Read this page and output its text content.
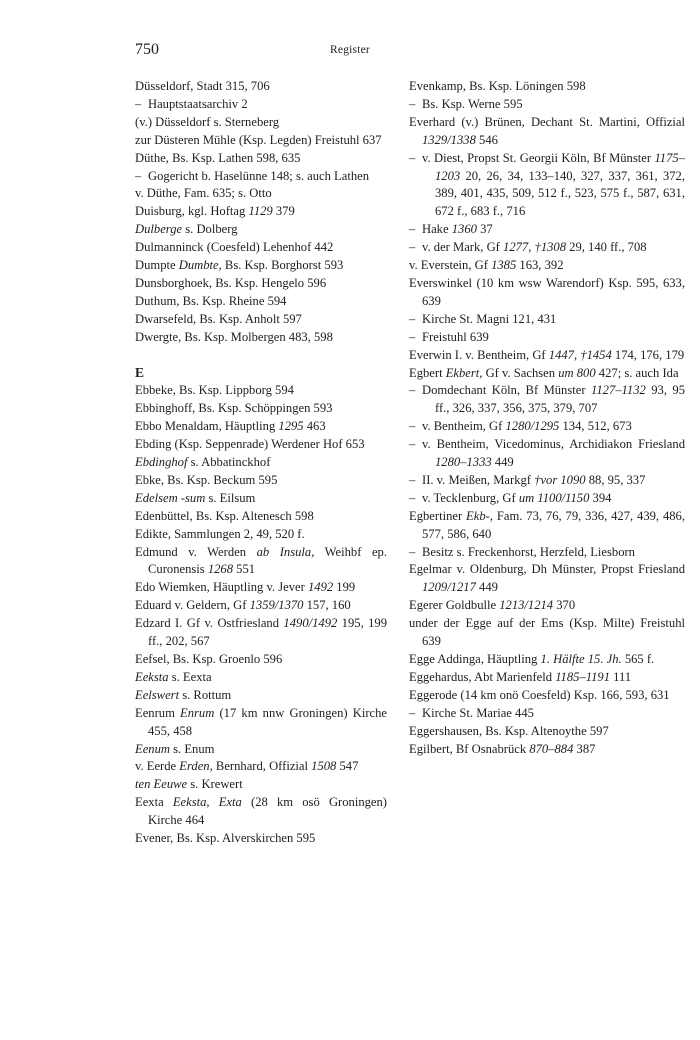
750	Register
Düsseldorf, Stadt 315, 706
– Hauptstaatsarchiv 2
(v.) Düsseldorf s. Sterneberg
zur Düsteren Mühle (Ksp. Legden) Freistuhl 637
Düthe, Bs. Ksp. Lathen 598, 635
– Gogericht b. Haselünne 148; s. auch Lathen
v. Düthe, Fam. 635; s. Otto
Duisburg, kgl. Hoftag 1129 379
Dulberge s. Dolberg
Dulmanninck (Coesfeld) Lehenhof 442
Dumpte Dumbte, Bs. Ksp. Borghorst 593
Dunsborghoek, Bs. Ksp. Hengelo 596
Duthum, Bs. Ksp. Rheine 594
Dwarsefeld, Bs. Ksp. Anholt 597
Dwergte, Bs. Ksp. Molbergen 483, 598
E
Ebbeke, Bs. Ksp. Lippborg 594
Ebbinghoff, Bs. Ksp. Schöppingen 593
Ebbo Menaldam, Häuptling 1295 463
Ebding (Ksp. Seppenrade) Werdener Hof 653
Ebdinghof s. Abbatinckhof
Ebke, Bs. Ksp. Beckum 595
Edelsem -sum s. Eilsum
Edenbüttel, Bs. Ksp. Altenesch 598
Edikte, Sammlungen 2, 49, 520 f.
Edmund v. Werden ab Insula, Weihbf ep. Curonensis 1268 551
Edo Wiemken, Häuptling v. Jever 1492 199
Eduard v. Geldern, Gf 1359/1370 157, 160
Edzard I. Gf v. Ostfriesland 1490/1492 195, 199 ff., 202, 567
Eefsel, Bs. Ksp. Groenlo 596
Eeksta s. Eexta
Eelswert s. Rottum
Eenrum Enrum (17 km nnw Groningen) Kirche 455, 458
Eenum s. Enum
v. Eerde Erden, Bernhard, Offizial 1508 547
ten Eeuwe s. Krewert
Eexta Eeksta, Exta (28 km osö Groningen) Kirche 464
Evener, Bs. Ksp. Alverskirchen 595
Evenkamp, Bs. Ksp. Löningen 598
– Bs. Ksp. Werne 595
Everhard (v.) Brünen, Dechant St. Martini, Offizial 1329/1338 546
– v. Diest, Propst St. Georgii Köln, Bf Münster 1175–1203 20, 26, 34, 133–140, 327, 337, 361, 372, 389, 401, 435, 509, 512 f., 523, 575 f., 587, 631, 672 f., 683 f., 716
– Hake 1360 37
– v. der Mark, Gf 1277, †1308 29, 140 ff., 708
v. Everstein, Gf 1385 163, 392
Everswinkel (10 km wsw Warendorf) Ksp. 595, 633, 639
– Kirche St. Magni 121, 431
– Freistuhl 639
Everwin I. v. Bentheim, Gf 1447, †1454 174, 176, 179
Egbert Ekbert, Gf v. Sachsen um 800 427; s. auch Ida
– Domdechant Köln, Bf Münster 1127–1132 93, 95 ff., 326, 337, 356, 375, 379, 707
– v. Bentheim, Gf 1280/1295 134, 512, 673
– v. Bentheim, Vicedominus, Archidiakon Friesland 1280–1333 449
– II. v. Meißen, Markgf †vor 1090 88, 95, 337
– v. Tecklenburg, Gf um 1100/1150 394
Egbertiner Ekb-, Fam. 73, 76, 79, 336, 427, 439, 486, 577, 586, 640
– Besitz s. Freckenhorst, Herzfeld, Liesborn
Egelmar v. Oldenburg, Dh Münster, Propst Friesland 1209/1217 449
Egerer Goldbulle 1213/1214 370
under der Egge auf der Ems (Ksp. Milte) Freistuhl 639
Egge Addinga, Häuptling 1. Hälfte 15. Jh. 565 f.
Eggehardus, Abt Marienfeld 1185–1191 111
Eggerode (14 km onö Coesfeld) Ksp. 166, 593, 631
– Kirche St. Mariae 445
Eggershausen, Bs. Ksp. Altenoythe 597
Egilbert, Bf Osnabrück 870–884 387
